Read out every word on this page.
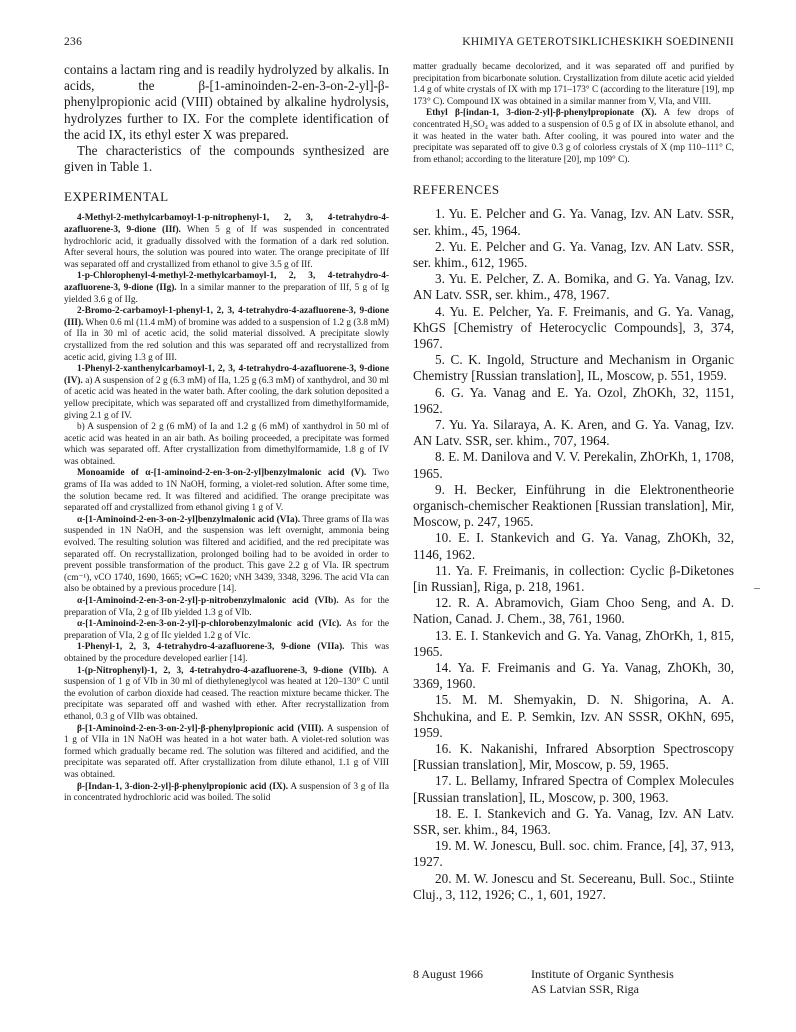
236	KHIMIYA GETEROTSIKLICHESKIKH SOEDINENII

contains a lactam ring and is readily hydrolyzed by alkalis. In acids, the β-[1-aminoinden-2-en-3-on-2-yl]-β-phenylpropionic acid (VIII) obtained by alkaline hydrolysis, hydrolyzes further to IX. For the complete identification of the acid IX, its ethyl ester X was prepared.

The characteristics of the compounds synthesized are given in Table 1.

EXPERIMENTAL

4-Methyl-2-methylcarbamoyl-1-p-nitrophenyl-1, 2, 3, 4-tetrahydro-4-azafluorene-3, 9-dione (IIf). When 5 g of If was suspended in concentrated hydrochloric acid, it gradually dissolved with the formation of a dark red solution. After several hours, the solution was poured into water. The orange precipitate of IIf was separated off and crystallized from ethanol to give 3.5 g of IIf.

1-p-Chlorophenyl-4-methyl-2-methylcarbamoyl-1, 2, 3, 4-tetrahydro-4-azafluorene-3, 9-dione (IIg). In a similar manner to the preparation of IIf, 5 g of Ig yielded 3.6 g of IIg.

2-Bromo-2-carbamoyl-1-phenyl-1, 2, 3, 4-tetrahydro-4-azafluorene-3, 9-dione (III). When 0.6 ml (11.4 mM) of bromine was added to a suspension of 1.2 g (3.8 mM) of IIa in 30 ml of acetic acid, the solid material dissolved. A precipitate slowly crystallized from the red solution and this was separated off and recrystallized from acetic acid, giving 1.3 g of III.

1-Phenyl-2-xanthenylcarbamoyl-1, 2, 3, 4-tetrahydro-4-azafluorene-3, 9-dione (IV). a) A suspension of 2 g (6.3 mM) of IIa, 1.25 g (6.3 mM) of xanthydrol, and 30 ml of acetic acid was heated in the water bath. After cooling, the dark solution deposited a yellow precipitate, which was separated off and crystallized from dimethylformamide, giving 2.1 g of IV.

b) A suspension of 2 g (6 mM) of Ia and 1.2 g (6 mM) of xanthydrol in 50 ml of acetic acid was heated in an air bath. As boiling proceeded, a precipitate was formed which was separated off. After crystallization from dimethylformamide, 1.8 g of IV was obtained.

Monoamide of α-[1-aminoind-2-en-3-on-2-yl]benzylmalonic acid (V). Two grams of IIa was added to 1N NaOH, forming, a violet-red solution. After some time, the solution became red. It was filtered and acidified. The orange precipitate was separated off and crystallized from ethanol giving 1 g of V.

α-[1-Aminoind-2-en-3-on-2-yl]benzylmalonic acid (VIa). Three grams of IIa was suspended in 1N NaOH, and the suspension was left overnight, ammonia being evolved. The resulting solution was filtered and acidified, and the red precipitate was separated off. On recrystallization, prolonged boiling had to be avoided in order to prevent possible transformation of the product. This gave 2.2 g of VIa. IR spectrum (cm⁻¹), νCO 1740, 1690, 1665; νC═C 1620; νNH 3439, 3348, 3296. The acid VIa can also be obtained by a previous procedure [14].

α-[1-Aminoind-2-en-3-on-2-yl]-p-nitrobenzylmalonic acid (VIb). As for the preparation of VIa, 2 g of IIb yielded 1.3 g of VIb.

α-[1-Aminoind-2-en-3-on-2-yl]-p-chlorobenzylmalonic acid (VIc). As for the preparation of VIa, 2 g of IIc yielded 1.2 g of VIc.

1-Phenyl-1, 2, 3, 4-tetrahydro-4-azafluorene-3, 9-dione (VIIa). This was obtained by the procedure developed earlier [14].

1-(p-Nitrophenyl)-1, 2, 3, 4-tetrahydro-4-azafluorene-3, 9-dione (VIIb). A suspension of 1 g of VIb in 30 ml of diethyleneglycol was heated at 120–130° C until the evolution of carbon dioxide had ceased. The reaction mixture became thicker. The precipitate was separated off and washed with ether. After recrystallization from ethanol, 0.3 g of VIIb was obtained.

β-[1-Aminoind-2-en-3-on-2-yl]-β-phenylpropionic acid (VIII). A suspension of 1 g of VIIa in 1N NaOH was heated in a hot water bath. A violet-red solution was formed which gradually became red. The solution was filtered and acidified, and the precipitate was separated off. After crystallization from dilute ethanol, 1.1 g of VIII was obtained.

β-[Indan-1, 3-dion-2-yl]-β-phenylpropionic acid (IX). A suspension of 3 g of IIa in concentrated hydrochloric acid was boiled. The solid

matter gradually became decolorized, and it was separated off and purified by precipitation from bicarbonate solution. Crystallization from dilute acetic acid yielded 1.4 g of white crystals of IX with mp 171–173° C (according to the literature [19], mp 173° C). Compound IX was obtained in a similar manner from V, VIa, and VIII.

Ethyl β-[indan-1, 3-dion-2-yl]-β-phenylpropionate (X). A few drops of concentrated H₂SO₄ was added to a suspension of 0.5 g of IX in absolute ethanol, and it was heated in the water bath. After cooling, it was poured into water and the precipitate was separated off to give 0.3 g of colorless crystals of X (mp 110–111° C, from ethanol; according to the literature [20], mp 109° C).

REFERENCES

1. Yu. E. Pelcher and G. Ya. Vanag, Izv. AN Latv. SSR, ser. khim., 45, 1964.

2. Yu. E. Pelcher and G. Ya. Vanag, Izv. AN Latv. SSR, ser. khim., 612, 1965.

3. Yu. E. Pelcher, Z. A. Bomika, and G. Ya. Vanag, Izv. AN Latv. SSR, ser. khim., 478, 1967.

4. Yu. E. Pelcher, Ya. F. Freimanis, and G. Ya. Vanag, KhGS [Chemistry of Heterocyclic Compounds], 3, 374, 1967.

5. C. K. Ingold, Structure and Mechanism in Organic Chemistry [Russian translation], IL, Moscow, p. 551, 1959.

6. G. Ya. Vanag and E. Ya. Ozol, ZhOKh, 32, 1151, 1962.

7. Yu. Ya. Silaraya, A. K. Aren, and G. Ya. Vanag, Izv. AN Latv. SSR, ser. khim., 707, 1964.

8. E. M. Danilova and V. V. Perekalin, ZhOrKh, 1, 1708, 1965.

9. H. Becker, Einführung in die Elektronentheorie organisch-chemischer Reaktionen [Russian translation], Mir, Moscow, p. 247, 1965.

10. E. I. Stankevich and G. Ya. Vanag, ZhOKh, 32, 1146, 1962.

11. Ya. F. Freimanis, in collection: Cyclic β-Diketones [in Russian], Riga, p. 218, 1961.

12. R. A. Abramovich, Giam Choo Seng, and A. D. Nation, Canad. J. Chem., 38, 761, 1960.

13. E. I. Stankevich and G. Ya. Vanag, ZhOrKh, 1, 815, 1965.

14. Ya. F. Freimanis and G. Ya. Vanag, ZhOKh, 30, 3369, 1960.

15. M. M. Shemyakin, D. N. Shigorina, A. A. Shchukina, and E. P. Semkin, Izv. AN SSSR, OKhN, 695, 1959.

16. K. Nakanishi, Infrared Absorption Spectroscopy [Russian translation], Mir, Moscow, p. 59, 1965.

17. L. Bellamy, Infrared Spectra of Complex Molecules [Russian translation], IL, Moscow, p. 300, 1963.

18. E. I. Stankevich and G. Ya. Vanag, Izv. AN Latv. SSR, ser. khim., 84, 1963.

19. M. W. Jonescu, Bull. soc. chim. France, [4], 37, 913, 1927.

20. M. W. Jonescu and St. Secereanu, Bull. Soc., Stiinte Cluj., 3, 112, 1926; C., 1, 601, 1927.

8 August 1966	Institute of Organic Synthesis
AS Latvian SSR, Riga
